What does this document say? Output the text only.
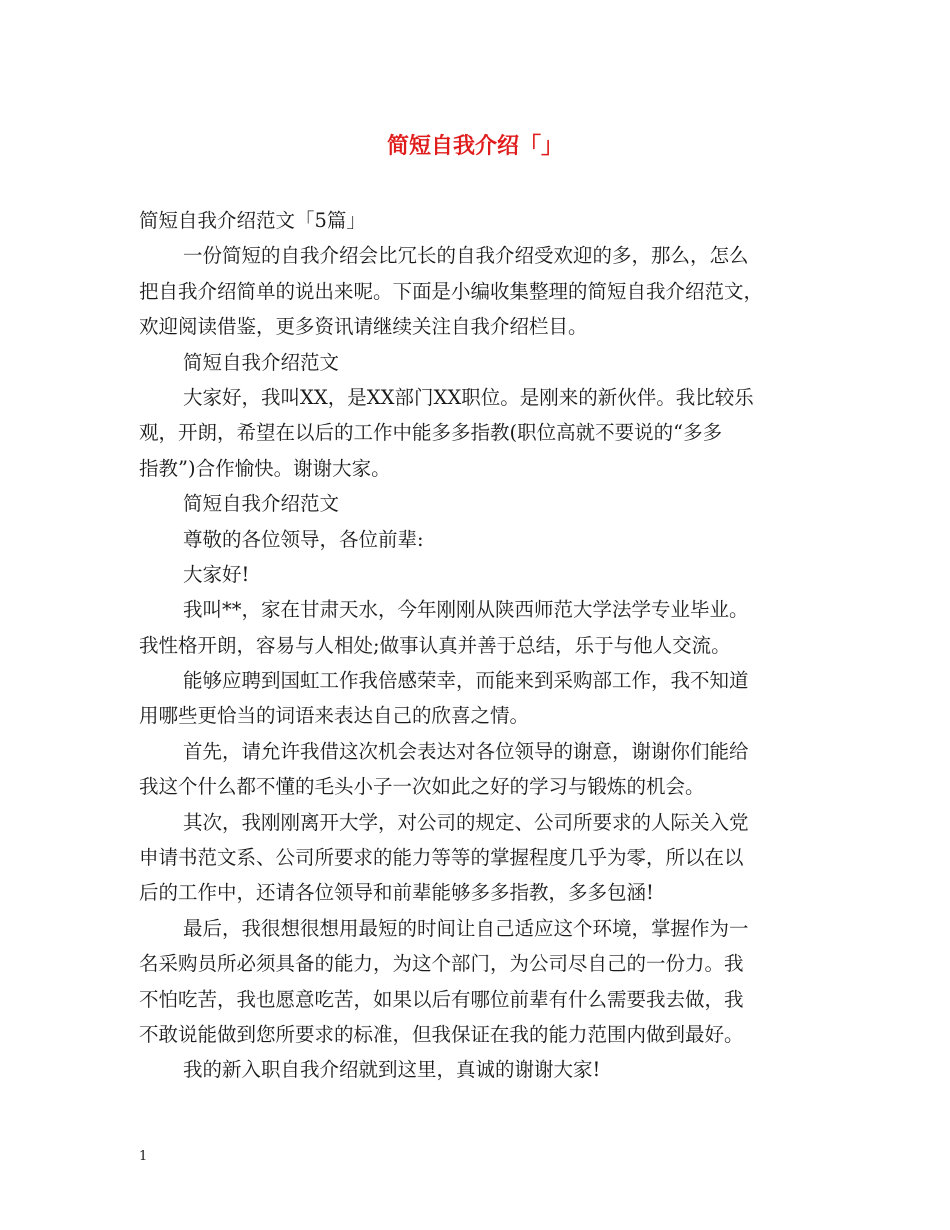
简短自我介绍「」
简短自我介绍范文「5篇」
一份简短的自我介绍会比冗长的自我介绍受欢迎的多，那么，怎么
把自我介绍简单的说出来呢。下面是小编收集整理的简短自我介绍范文，
欢迎阅读借鉴，更多资讯请继续关注自我介绍栏目。
简短自我介绍范文
大家好，我叫XX，是XX部门XX职位。是刚来的新伙伴。我比较乐
观，开朗，希望在以后的工作中能多多指教(职位高就不要说的“多多
指教”)合作愉快。谢谢大家。
简短自我介绍范文
尊敬的各位领导，各位前辈:
大家好!
我叫**，家在甘肃天水，今年刚刚从陕西师范大学法学专业毕业。
我性格开朗，容易与人相处;做事认真并善于总结，乐于与他人交流。
能够应聘到国虹工作我倍感荣幸，而能来到采购部工作，我不知道
用哪些更恰当的词语来表达自己的欣喜之情。
首先，请允许我借这次机会表达对各位领导的谢意，谢谢你们能给
我这个什么都不懂的毛头小子一次如此之好的学习与锻炼的机会。
其次，我刚刚离开大学，对公司的规定、公司所要求的人际关入党
申请书范文系、公司所要求的能力等等的掌握程度几乎为零，所以在以
后的工作中，还请各位领导和前辈能够多多指教，多多包涵!
最后，我很想很想用最短的时间让自己适应这个环境，掌握作为一
名采购员所必须具备的能力，为这个部门，为公司尽自己的一份力。我
不怕吃苦，我也愿意吃苦，如果以后有哪位前辈有什么需要我去做，我
不敢说能做到您所要求的标准，但我保证在我的能力范围内做到最好。
我的新入职自我介绍就到这里，真诚的谢谢大家!
1
